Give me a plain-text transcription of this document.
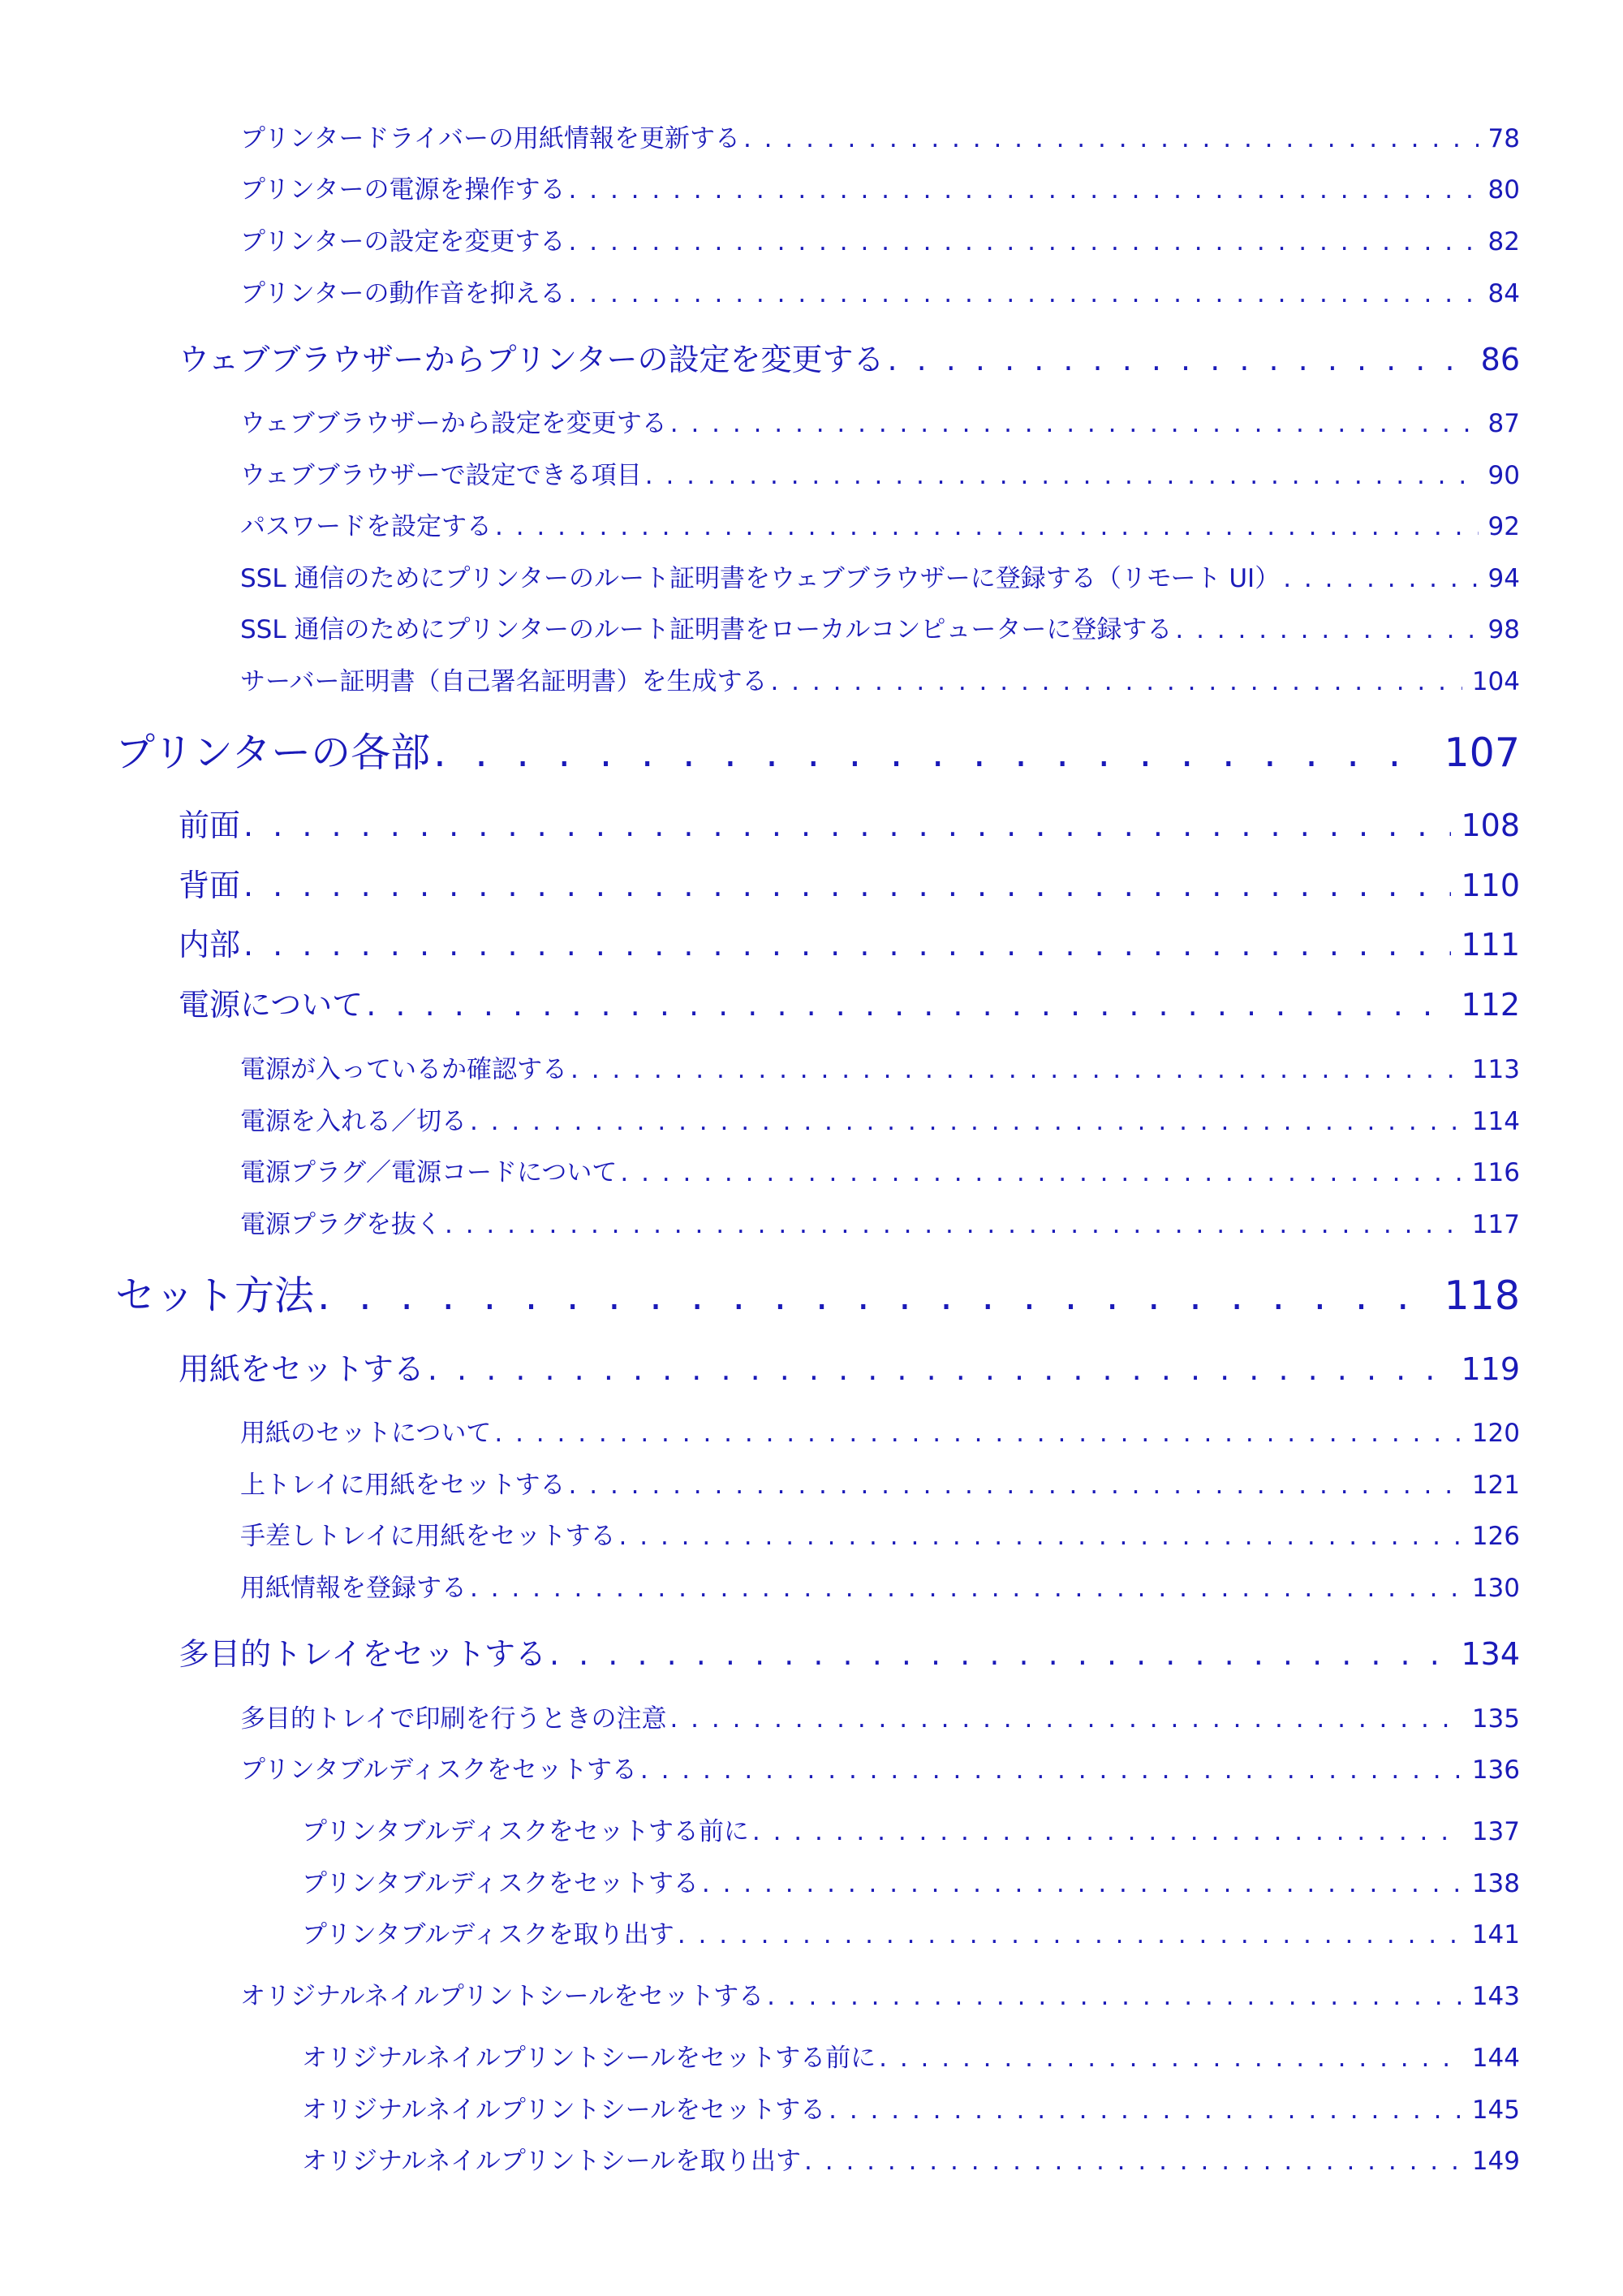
プリンタードライバーの用紙情報を更新する . . .	78
プリンターの電源を操作する . . .	80
プリンターの設定を変更する . . .	82
プリンターの動作音を抑える . . .	84
ウェブブラウザーからプリンターの設定を変更する . . .	86
ウェブブラウザーから設定を変更する . . .	87
ウェブブラウザーで設定できる項目 . . .	90
パスワードを設定する . . .	92
SSL 通信のためにプリンターのルート証明書をウェブブラウザーに登録する（リモート UI） . . .	94
SSL 通信のためにプリンターのルート証明書をローカルコンピューターに登録する . . .	98
サーバー証明書（自己署名証明書）を生成する . . .	104
プリンターの各部 . . .	107
前面 . . .	108
背面 . . .	110
内部 . . .	111
電源について . . .	112
電源が入っているか確認する . . .	113
電源を入れる／切る . . .	114
電源プラグ／電源コードについて . . .	116
電源プラグを抜く . . .	117
セット方法 . . .	118
用紙をセットする . . .	119
用紙のセットについて . . .	120
上トレイに用紙をセットする . . .	121
手差しトレイに用紙をセットする . . .	126
用紙情報を登録する . . .	130
多目的トレイをセットする . . .	134
多目的トレイで印刷を行うときの注意 . . .	135
プリンタブルディスクをセットする . . .	136
プリンタブルディスクをセットする前に . . .	137
プリンタブルディスクをセットする . . .	138
プリンタブルディスクを取り出す . . .	141
オリジナルネイルプリントシールをセットする . . .	143
オリジナルネイルプリントシールをセットする前に . . .	144
オリジナルネイルプリントシールをセットする . . .	145
オリジナルネイルプリントシールを取り出す . . .	149
